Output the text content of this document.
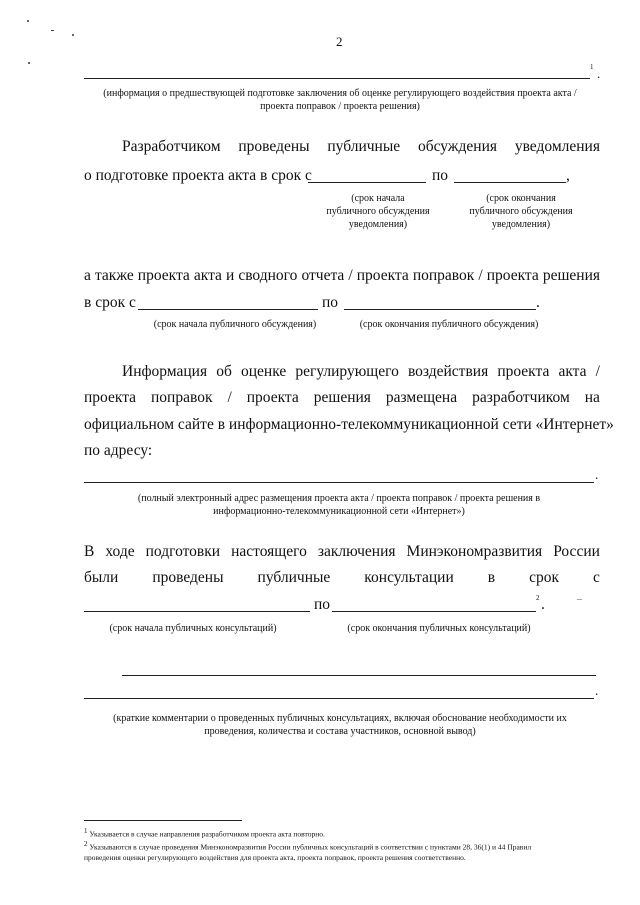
2
1 .
(информация о предшествующей подготовке заключения об оценке регулирующего воздействия проекта акта /
проекта поправок / проекта решения)
Разработчиком проведены публичные обсуждения уведомления
о подготовке проекта акта в срок с	по	,
(срок начала
публичного обсуждения
уведомления)
(срок окончания
публичного обсуждения
уведомления)
а также проекта акта и сводного отчета / проекта поправок / проекта решения
в срок с	по	.
(срок начала публичного обсуждения)	(срок окончания публичного обсуждения)
Информация об оценке регулирующего воздействия проекта акта /
проекта поправок / проекта решения размещена разработчиком на
официальном сайте в информационно-телекоммуникационной сети «Интернет»
по адресу:
.
(полный электронный адрес размещения проекта акта / проекта поправок / проекта решения в
информационно-телекоммуникационной сети «Интернет»)
В ходе подготовки настоящего заключения Минэкономразвития России
были проведены публичные консультации в срок с
по	2 .	–
(срок начала публичных консультаций)	(срок окончания публичных консультаций)
.
(краткие комментарии о проведенных публичных консультациях, включая обоснование необходимости их
проведения, количества и состава участников, основной вывод)
$^1$ Указывается в случае направления разработчиком проекта акта повторно.
$^2$ Указываются в случае проведения Минэкономразвития России публичных консультаций в соответствии с пунктами 28, 36(1) и 44 Правил
проведения оценки регулирующего воздействия для проекта акта, проекта поправок, проекта решения соответственно.
